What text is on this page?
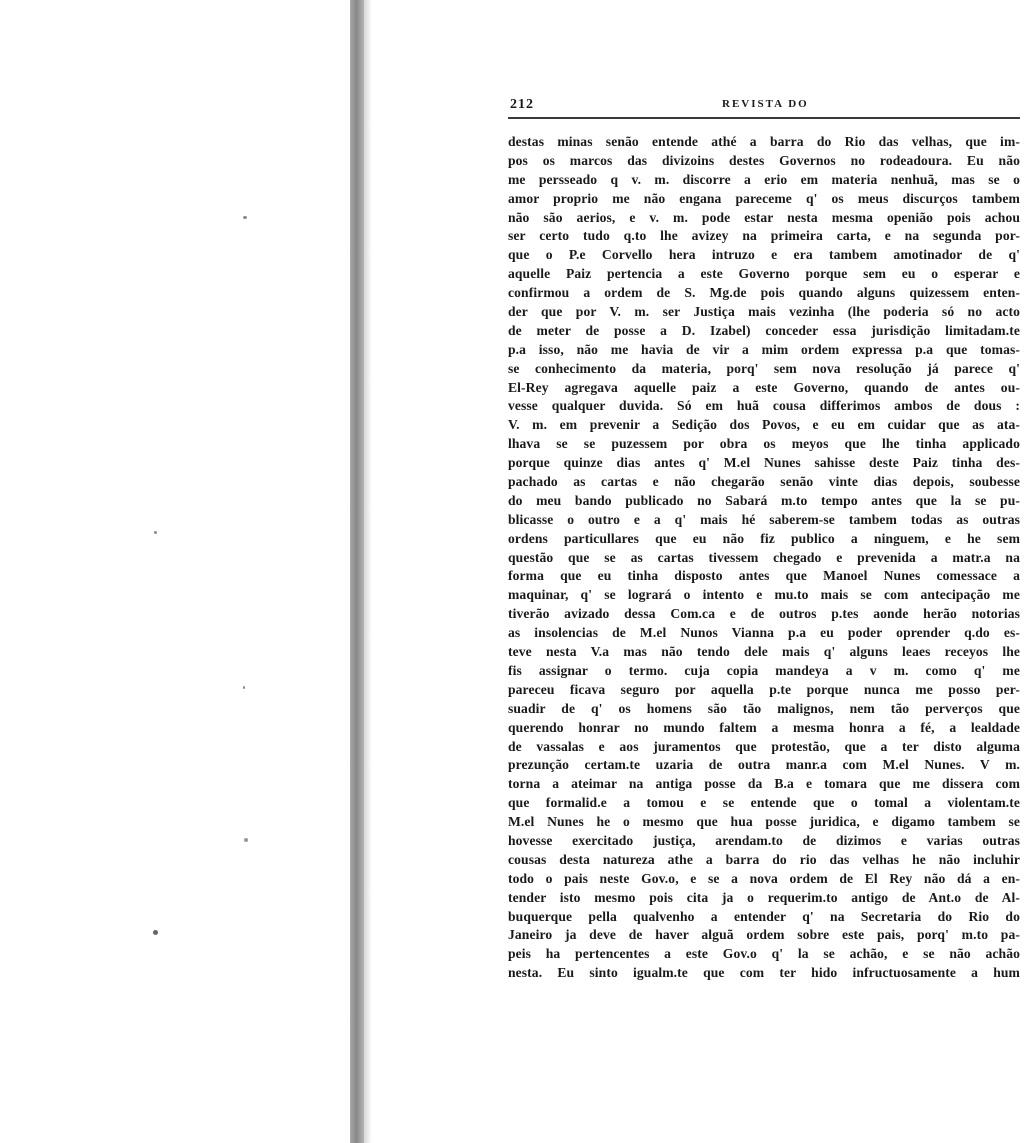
212	REVISTA DO
destas minas senão entende athé a barra do Rio das velhas, que im-
pos os marcos das divizoins destes Governos no rodeadoura. Eu não
me persseado q v. m. discorre a erio em materia nenhuã, mas se o
amor proprio me não engana pareceme q' os meus discurços tambem
não são aerios, e v. m. pode estar nesta mesma openião pois achou
ser certo tudo q.to lhe avizey na primeira carta, e na segunda por-
que o P.e Corvello hera intruzo e era tambem amotinador de q'
aquelle Paiz pertencia a este Governo porque sem eu o esperar e
confirmou a ordem de S. Mg.de pois quando alguns quizessem enten-
der que por V. m. ser Justiça mais vezinha (lhe poderia só no acto
de meter de posse a D. Izabel) conceder essa jurisdição limitadam.te
p.a isso, não me havia de vir a mim ordem expressa p.a que tomas-
se conhecimento da materia, porq' sem nova resolução já parece q'
El-Rey agregava aquelle paiz a este Governo, quando de antes ou-
vesse qualquer duvida. Só em huã cousa differimos ambos de dous :
V. m. em prevenir a Sedição dos Povos, e eu em cuidar que as ata-
lhava se se puzessem por obra os meyos que lhe tinha applicado
porque quinze dias antes q' M.el Nunes sahisse deste Paiz tinha des-
pachado as cartas e não chegarão senão vinte dias depois, soubesse
do meu bando publicado no Sabará m.to tempo antes que la se pu-
blicasse o outro e a q' mais hé saberem-se tambem todas as outras
ordens particullares que eu não fiz publico a ninguem, e he sem
questão que se as cartas tivessem chegado e prevenida a matr.a na
forma que eu tinha disposto antes que Manoel Nunes comessace a
maquinar, q' se logrará o intento e mu.to mais se com antecipação me
tiverão avizado dessa Com.ca e de outros p.tes aonde herão notorias
as insolencias de M.el Nunos Vianna p.a eu poder oprender q.do es-
teve nesta V.a mas não tendo dele mais q' alguns leaes receyos lhe
fis assignar o termo. cuja copia mandeya a v m. como q' me
pareceu ficava seguro por aquella p.te porque nunca me posso per-
suadir de q' os homens são tão malignos, nem tão perverços que
querendo honrar no mundo faltem a mesma honra a fé, a lealdade
de vassalas e aos juramentos que protestão, que a ter disto alguma
prezunção certam.te uzaria de outra manr.a com M.el Nunes. V m.
torna a ateimar na antiga posse da B.a e tomara que me dissera com
que formalid.e a tomou e se entende que o tomal a violentam.te
M.el Nunes he o mesmo que hua posse juridica, e digamo tambem se
hovesse exercitado justiça, arendam.to de dizimos e varias outras
cousas desta natureza athe a barra do rio das velhas he não incluhir
todo o pais neste Gov.o, e se a nova ordem de El Rey não dá a en-
tender isto mesmo pois cita ja o requerim.to antigo de Ant.o de Al-
buquerque pella qualvenho a entender q' na Secretaria do Rio do
Janeiro ja deve de haver alguã ordem sobre este pais, porq' m.to pa-
peis ha pertencentes a este Gov.o q' la se achão, e se não achão
nesta. Eu sinto igualm.te que com ter hido infructuosamente a hum
